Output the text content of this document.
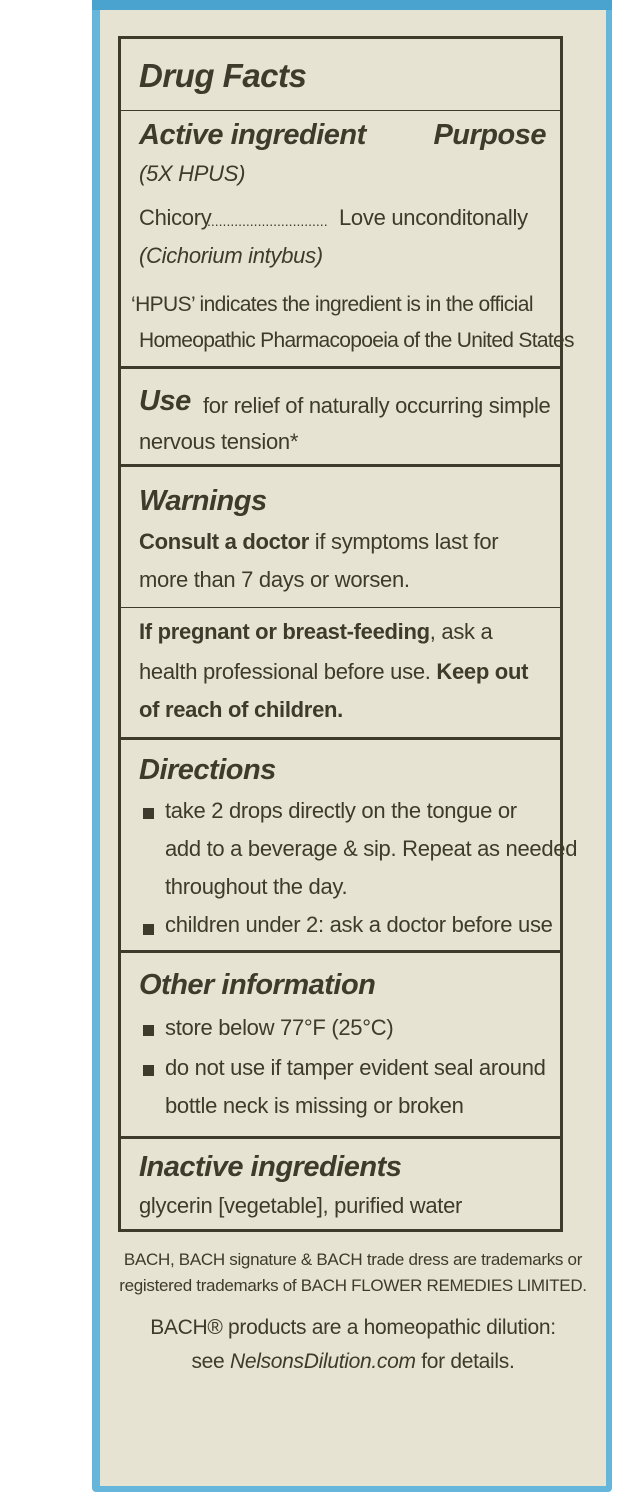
Drug Facts
Active ingredient Purpose
(5X HPUS)
Chicory
............................... Love unconditonally
(Cichorium intybus)
‘HPUS’ indicates the ingredient is in the official
Homeopathic Pharmacopoeia of the United States
Use for relief of naturally occurring simple
nervous tension*
Warnings
Consult a doctor if symptoms last for
more than 7 days or worsen.
If pregnant or breast-feeding, ask a
health professional before use. Keep out
of reach of children.
Directions
take 2 drops directly on the tongue or
add to a beverage & sip. Repeat as needed
throughout the day.
children under 2: ask a doctor before use
Other information
store below 77°F (25°C)
do not use if tamper evident seal around
bottle neck is missing or broken
Inactive ingredients
glycerin [vegetable], purified water
BACH, BACH signature & BACH trade dress are trademarks or
registered trademarks of BACH FLOWER REMEDIES LIMITED.
BACH® products are a homeopathic dilution:
see NelsonsDilution.com for details.
